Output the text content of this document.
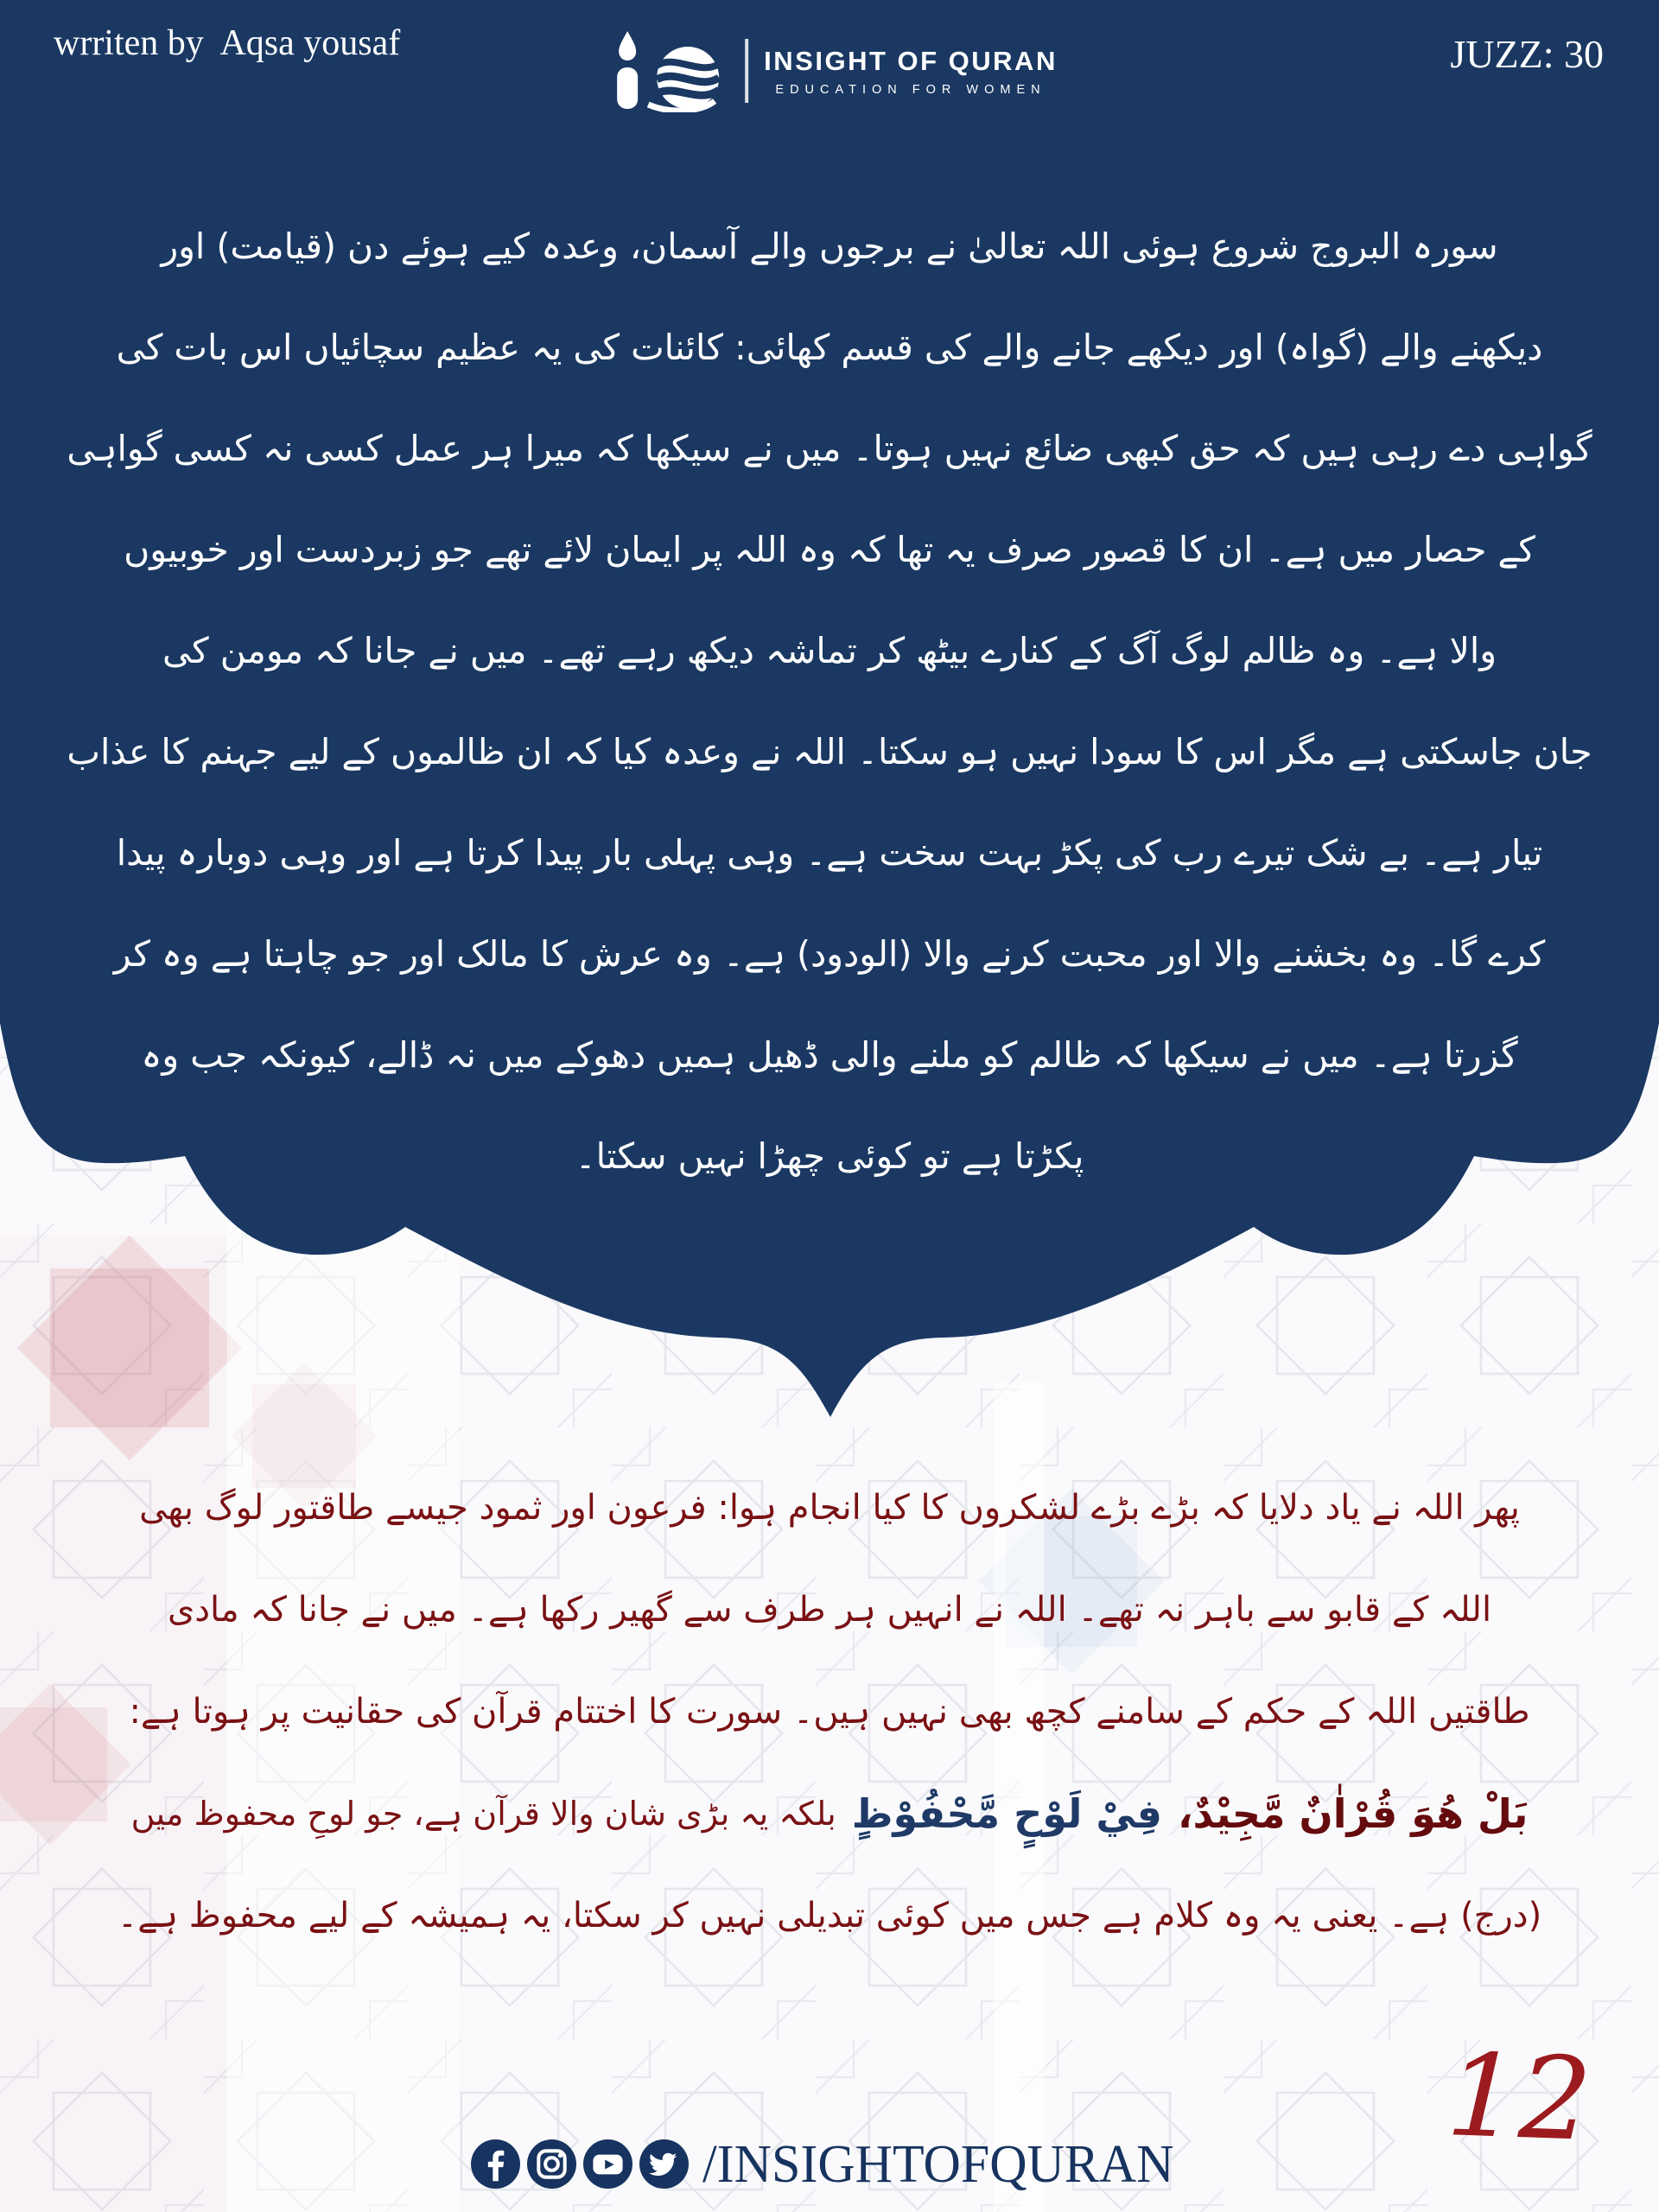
wrriten by  Aqsa yousaf	JUZZ: 30
INSIGHT OF QURAN
EDUCATION FOR WOMEN
سورہ البروج شروع ہوئی اللہ تعالیٰ نے برجوں والے آسمان، وعدہ کیے ہوئے دن (قیامت) اور
دیکھنے والے (گواہ) اور دیکھے جانے والے کی قسم کھائی: کائنات کی یہ عظیم سچائیاں اس بات کی
گواہی دے رہی ہیں کہ حق کبھی ضائع نہیں ہوتا۔ میں نے سیکھا کہ میرا ہر عمل کسی نہ کسی گواہی
کے حصار میں ہے۔ ان کا قصور صرف یہ تھا کہ وہ اللہ پر ایمان لائے تھے جو زبردست اور خوبیوں
والا ہے۔ وہ ظالم لوگ آگ کے کنارے بیٹھ کر تماشہ دیکھ رہے تھے۔ میں نے جانا کہ مومن کی
جان جاسکتی ہے مگر اس کا سودا نہیں ہو سکتا۔ اللہ نے وعدہ کیا کہ ان ظالموں کے لیے جہنم کا عذاب
تیار ہے۔ بے شک تیرے رب کی پکڑ بہت سخت ہے۔ وہی پہلی بار پیدا کرتا ہے اور وہی دوبارہ پیدا
کرے گا۔ وہ بخشنے والا اور محبت کرنے والا (الودود) ہے۔ وہ عرش کا مالک اور جو چاہتا ہے وہ کر
گزرتا ہے۔ میں نے سیکھا کہ ظالم کو ملنے والی ڈھیل ہمیں دھوکے میں نہ ڈالے، کیونکہ جب وہ
پکڑتا ہے تو کوئی چھڑا نہیں سکتا۔
پھر اللہ نے یاد دلایا کہ بڑے بڑے لشکروں کا کیا انجام ہوا: فرعون اور ثمود جیسے طاقتور لوگ بھی
اللہ کے قابو سے باہر نہ تھے۔ اللہ نے انہیں ہر طرف سے گھیر رکھا ہے۔ میں نے جانا کہ مادی
طاقتیں اللہ کے حکم کے سامنے کچھ بھی نہیں ہیں۔ سورت کا اختتام قرآن کی حقانیت پر ہوتا ہے:
بَلْ هُوَ قُرْاٰنٌ مَّجِيْدٌ،
فِيْ لَوْحٍ مَّحْفُوْظٍ
بلکہ یہ بڑی شان والا قرآن ہے، جو لوحِ محفوظ میں
(درج) ہے۔ یعنی یہ وہ کلام ہے جس میں کوئی تبدیلی نہیں کر سکتا، یہ ہمیشہ کے لیے محفوظ ہے۔
/INSIGHTOFQURAN 12
